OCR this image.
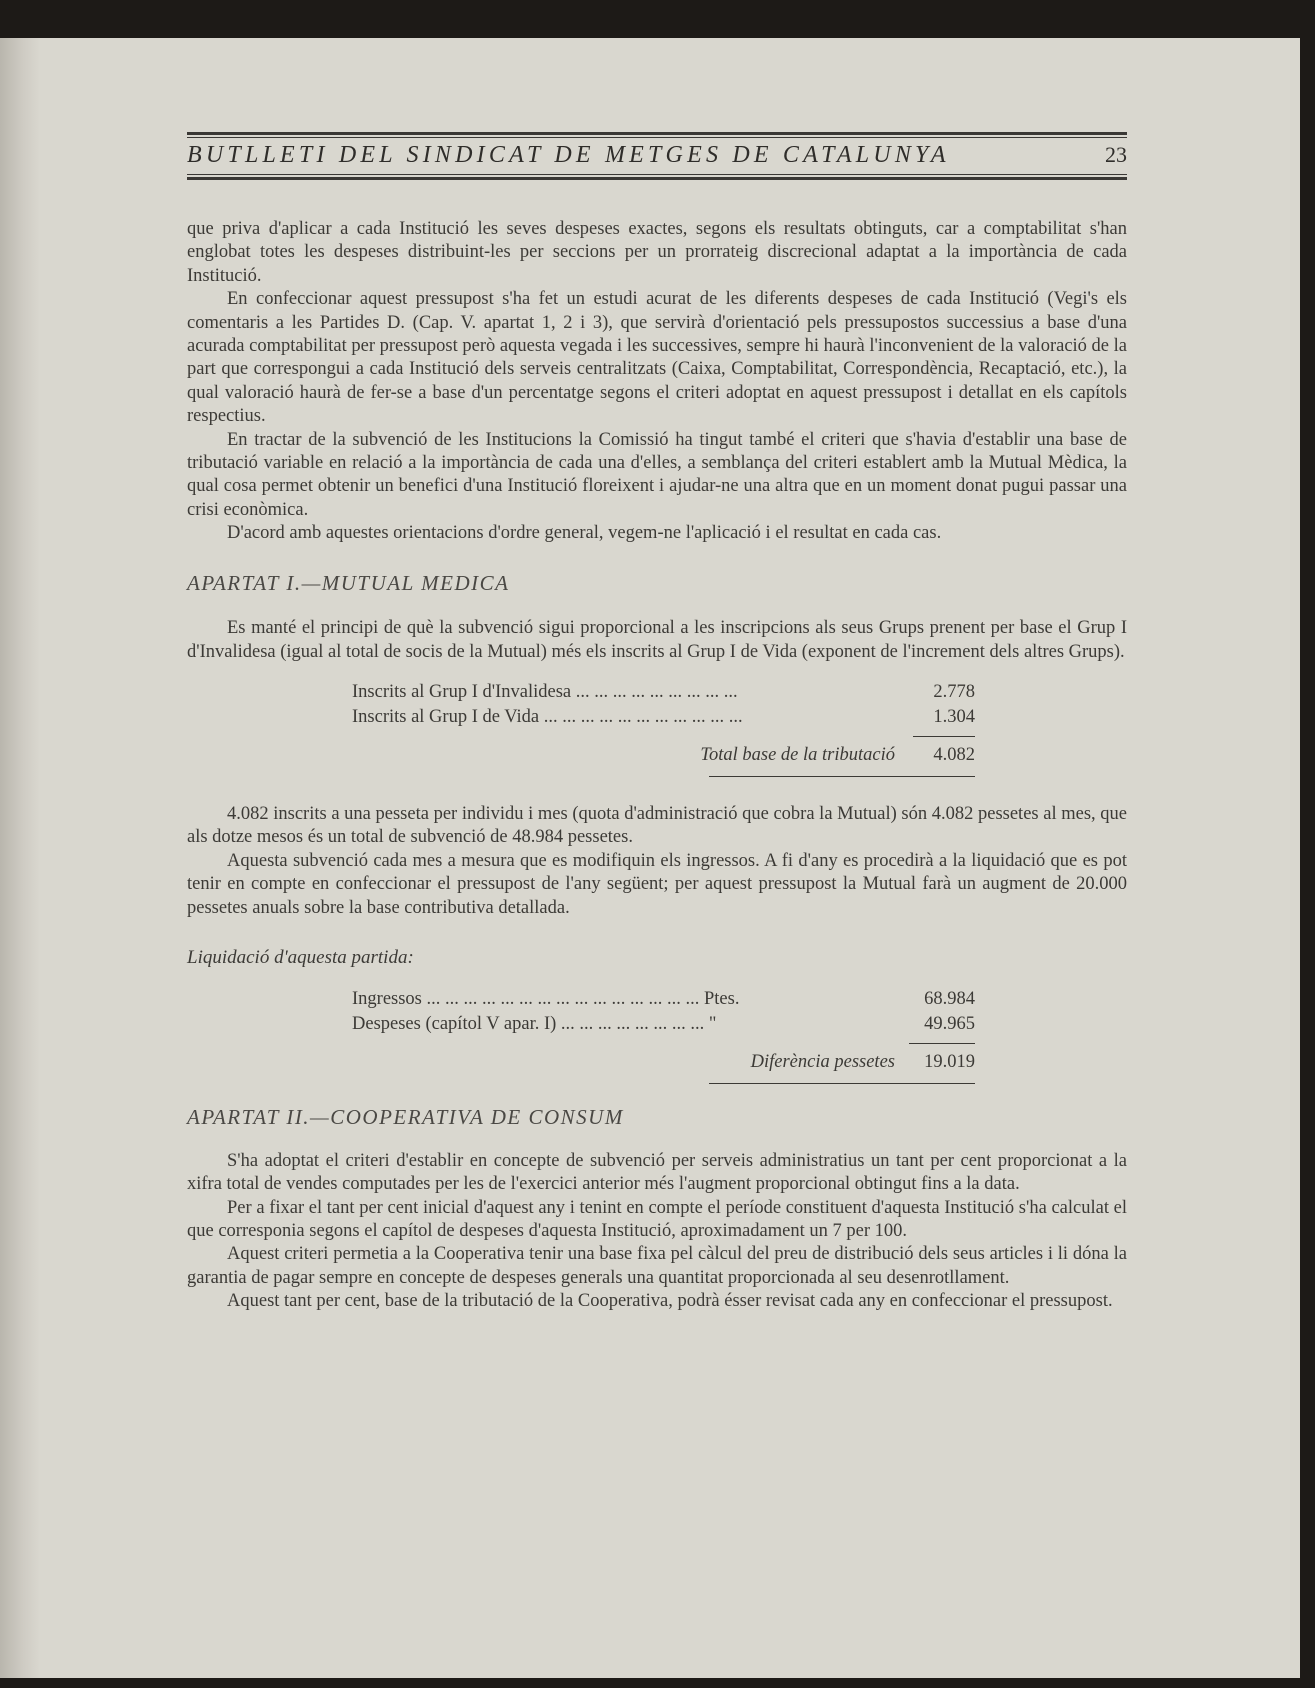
BUTLLETI DEL SINDICAT DE METGES DE CATALUNYA	23

que priva d'aplicar a cada Institució les seves despeses exactes, segons els resultats obtinguts, car a comptabilitat s'han englobat totes les despeses distribuint-les per seccions per un prorrateig discrecional adaptat a la importància de cada Institució.

En confeccionar aquest pressupost s'ha fet un estudi acurat de les diferents despeses de cada Institució (Vegi's els comentaris a les Partides D. (Cap. V. apartat 1, 2 i 3), que servirà d'orientació pels pressupostos successius a base d'una acurada comptabilitat per pressupost però aquesta vegada i les successives, sempre hi haurà l'inconvenient de la valoració de la part que correspongui a cada Institució dels serveis centralitzats (Caixa, Comptabilitat, Correspondència, Recaptació, etc.), la qual valoració haurà de fer-se a base d'un percentatge segons el criteri adoptat en aquest pressupost i detallat en els capítols respectius.

En tractar de la subvenció de les Institucions la Comissió ha tingut també el criteri que s'havia d'establir una base de tributació variable en relació a la importància de cada una d'elles, a semblança del criteri establert amb la Mutual Mèdica, la qual cosa permet obtenir un benefici d'una Institució floreixent i ajudar-ne una altra que en un moment donat pugui passar una crisi econòmica.

D'acord amb aquestes orientacions d'ordre general, vegem-ne l'aplicació i el resultat en cada cas.

APARTAT I.—MUTUAL MEDICA

Es manté el principi de què la subvenció sigui proporcional a les inscripcions als seus Grups prenent per base el Grup I d'Invalidesa (igual al total de socis de la Mutual) més els inscrits al Grup I de Vida (exponent de l'increment dels altres Grups).

Inscrits al Grup I d'Invalidesa ... ... ... ... ... ... ... ... ...	2.778
Inscrits al Grup I de Vida ... ... ... ... ... ... ... ... ... ... ...	1.304
Total base de la tributació	4.082

4.082 inscrits a una pesseta per individu i mes (quota d'administració que cobra la Mutual) són 4.082 pessetes al mes, que als dotze mesos és un total de subvenció de 48.984 pessetes.

Aquesta subvenció cada mes a mesura que es modifiquin els ingressos. A fi d'any es procedirà a la liquidació que es pot tenir en compte en confeccionar el pressupost de l'any següent; per aquest pressupost la Mutual farà un augment de 20.000 pessetes anuals sobre la base contributiva detallada.

Liquidació d'aquesta partida:

Ingressos ... ... ... ... ... ... ... ... ... ... ... ... ... ... ... Ptes.	68.984
Despeses (capítol V apar. I) ... ... ... ... ... ... ... ... "	49.965
Diferència pessetes	19.019

APARTAT II.—COOPERATIVA DE CONSUM

S'ha adoptat el criteri d'establir en concepte de subvenció per serveis administratius un tant per cent proporcionat a la xifra total de vendes computades per les de l'exercici anterior més l'augment proporcional obtingut fins a la data.

Per a fixar el tant per cent inicial d'aquest any i tenint en compte el període constituent d'aquesta Institució s'ha calculat el que corresponia segons el capítol de despeses d'aquesta Institució, aproximadament un 7 per 100.

Aquest criteri permetia a la Cooperativa tenir una base fixa pel càlcul del preu de distribució dels seus articles i li dóna la garantia de pagar sempre en concepte de despeses generals una quantitat proporcionada al seu desenrotllament.

Aquest tant per cent, base de la tributació de la Cooperativa, podrà ésser revisat cada any en confeccionar el pressupost.
